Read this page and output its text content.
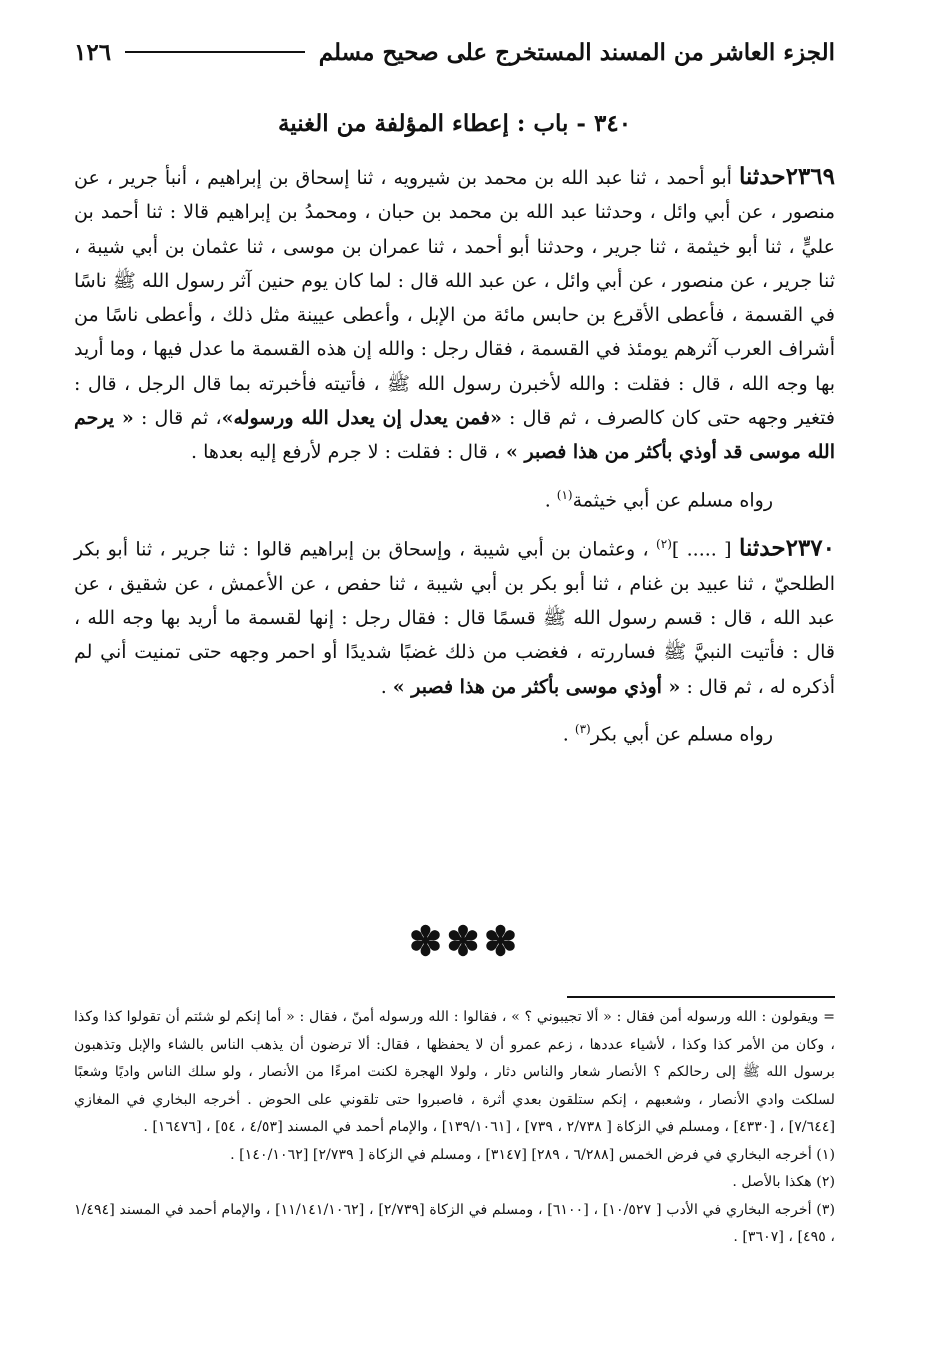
الجزء العاشر من المسند المستخرج على صحيح مسلم
١٢٦
٣٤٠ - باب : إعطاء المؤلفة من الغنية

٢٣٦٩حدثنا أبو أحمد ، ثنا عبد الله بن محمد بن شيرويه ، ثنا إسحاق بن إبراهيم ، أنبأ جرير ، عن منصور ، عن أبي وائل ، وحدثنا عبد الله بن محمد بن حبان ، ومحمدُ بن إبراهيم قالا : ثنا أحمد بن عليٍّ ، ثنا أبو خيثمة ، ثنا جرير ، وحدثنا أبو أحمد ، ثنا عمران بن موسى ، ثنا عثمان بن أبي شيبة ، ثنا جرير ، عن منصور ، عن أبي وائل ، عن عبد الله قال : لما كان يوم حنين آثر رسول الله ﷺ ناسًا في القسمة ، فأعطى الأقرع بن حابس مائة من الإبل ، وأعطى عيينة مثل ذلك ، وأعطى ناسًا من أشراف العرب آثرهم يومئذ في القسمة ، فقال رجل : والله إن هذه القسمة ما عدل فيها ، وما أريد بها وجه الله ، قال : فقلت : والله لأخبرن رسول الله ﷺ ، فأتيته فأخبرته بما قال الرجل ، قال : فتغير وجهه حتى كان كالصرف ، ثم قال : «فمن يعدل إن يعدل الله ورسوله»، ثم قال : « يرحم الله موسى قد أوذي بأكثر من هذا فصبر » ، قال : فقلت : لا جرم لأرفع إليه بعدها .

رواه مسلم عن أبي خيثمة$^{(١)}$ .

٢٣٧٠حدثنا [ ..... ]$^{(٢)}$ ، وعثمان بن أبي شيبة ، وإسحاق بن إبراهيم قالوا : ثنا جرير ، ثنا أبو بكر الطلحيّ ، ثنا عبيد بن غنام ، ثنا أبو بكر بن أبي شيبة ، ثنا حفص ، عن الأعمش ، عن شقيق ، عن عبد الله ، قال : قسم رسول الله ﷺ قسمًا قال : فقال رجل : إنها لقسمة ما أريد بها وجه الله ، قال : فأتيت النبيَّ ﷺ فساررته ، فغضب من ذلك غضبًا شديدًا أو احمر وجهه حتى تمنيت أني لم أذكره له ، ثم قال : « أوذي موسى بأكثر من هذا فصبر » .

رواه مسلم عن أبي بكر$^{(٣)}$ .

✽✽✽

= ويقولون : الله ورسوله أمن فقال : « ألا تجيبوني ؟ » ، فقالوا : الله ورسوله أمنّ ، فقال : « أما إنكم لو شئتم أن تقولوا كذا وكذا ، وكان من الأمر كذا وكذا ، لأشياء عددها ، زعم عمرو أن لا يحفظها ، فقال: ألا ترضون أن يذهب الناس بالشاء والإبل وتذهبون برسول الله ﷺ إلى رحالكم ؟ الأنصار شعار والناس دثار ، ولولا الهجرة لكنت امرءًا من الأنصار ، ولو سلك الناس واديًا وشعبًا لسلكت وادي الأنصار ، وشعبهم ، إنكم ستلقون بعدي أثرة ، فاصبروا حتى تلقوني على الحوض . أخرجه البخاري في المغازي [٧/٦٤٤] ، [٤٣٣٠] ، ومسلم في الزكاة [ ٢/٧٣٨ ، ٧٣٩] ، [١٣٩/١٠٦١] ، والإمام أحمد في المسند [٤/٥٣ ، ٥٤] ، [١٦٤٧٦] .

(١) أخرجه البخاري في فرض الخمس [٦/٢٨٨ ، ٢٨٩] [٣١٤٧] ، ومسلم في الزكاة [ ٢/٧٣٩] [١٤٠/١٠٦٢] .

(٢) هكذا بالأصل .

(٣) أخرجه البخاري في الأدب [ ١٠/٥٢٧] ، [٦١٠٠] ، ومسلم في الزكاة [٢/٧٣٩] ، [١١/١٤١/١٠٦٢] ، والإمام أحمد في المسند [١/٤٩٤ ، ٤٩٥] ، [٣٦٠٧] .
